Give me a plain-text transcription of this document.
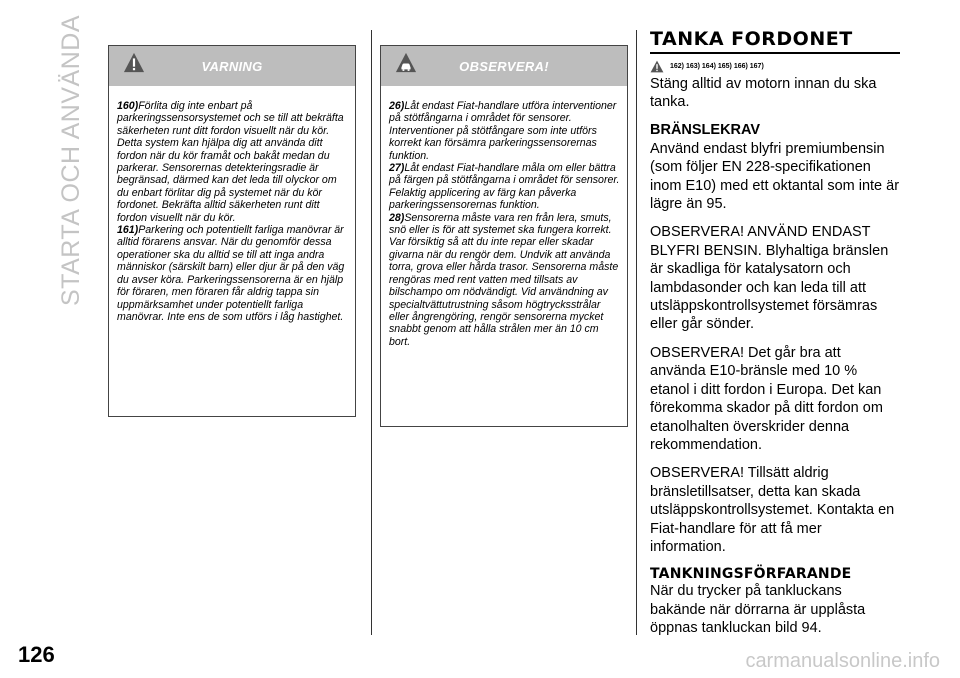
STARTA OCH ANVÄNDA	VARNING

160)Förlita dig inte enbart på parkeringssensorsystemet och se till att bekräfta säkerheten runt ditt fordon visuellt när du kör. Detta system kan hjälpa dig att använda ditt fordon när du kör framåt och bakåt medan du parkerar. Sensorernas detekteringsradie är begränsad, därmed kan det leda till olyckor om du enbart förlitar dig på systemet när du kör fordonet. Bekräfta alltid säkerheten runt ditt fordon visuellt när du kör.

161)Parkering och potentiellt farliga manövrar är alltid förarens ansvar. När du genomför dessa operationer ska du alltid se till att inga andra människor (särskilt barn) eller djur är på den väg du avser köra. Parkeringssensorerna är en hjälp för föraren, men föraren får aldrig tappa sin uppmärksamhet under potentiellt farliga manövrar. Inte ens de som utförs i låg hastighet.

OBSERVERA!

26)Låt endast Fiat-handlare utföra interventioner på stötfångarna i området för sensorer. Interventioner på stötfångare som inte utförs korrekt kan försämra parkeringssensorernas funktion.

27)Låt endast Fiat-handlare måla om eller bättra på färgen på stötfångarna i området för sensorer. Felaktig applicering av färg kan påverka parkeringssensorernas funktion.

28)Sensorerna måste vara ren från lera, smuts, snö eller is för att systemet ska fungera korrekt. Var försiktig så att du inte repar eller skadar givarna när du rengör dem. Undvik att använda torra, grova eller hårda trasor. Sensorerna måste rengöras med rent vatten med tillsats av bilschampo om nödvändigt. Vid användning av specialtvättutrustning såsom högtrycksstrålar eller ångrengöring, rengör sensorerna mycket snabbt genom att hålla strålen mer än 10 cm bort.

TANKA FORDONET
162) 163) 164) 165) 166) 167)
Stäng alltid av motorn innan du ska tanka.
BRÄNSLEKRAV
Använd endast blyfri premiumbensin (som följer EN 228-specifikationen inom E10) med ett oktantal som inte är lägre än 95.
OBSERVERA! ANVÄND ENDAST BLYFRI BENSIN. Blyhaltiga bränslen är skadliga för katalysatorn och lambdasonder och kan leda till att utsläppskontrollsystemet försämras eller går sönder.
OBSERVERA! Det går bra att använda E10-bränsle med 10 % etanol i ditt fordon i Europa. Det kan förekomma skador på ditt fordon om etanolhalten överskrider denna rekommendation.
OBSERVERA! Tillsätt aldrig bränsletillsatser, detta kan skada utsläppskontrollsystemet. Kontakta en Fiat-handlare för att få mer information.
TANKNINGSFÖRFARANDE
När du trycker på tankluckans bakände när dörrarna är upplåsta öppnas tankluckan bild 94.
126	carmanualsonline.info
